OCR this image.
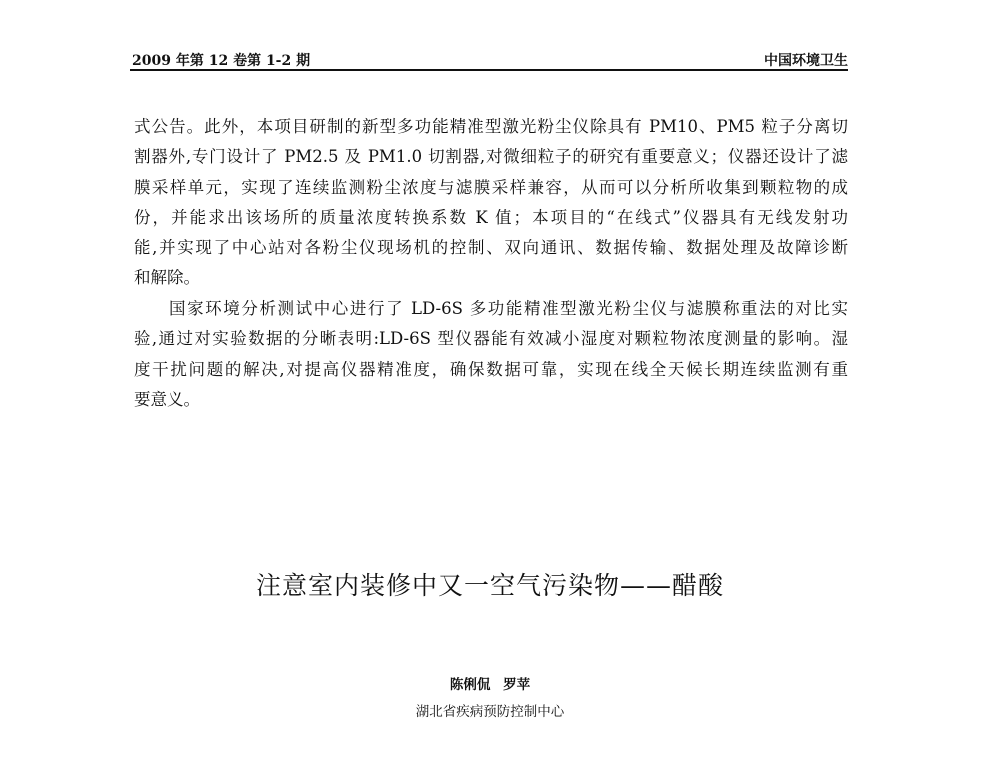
2009 年第 12 卷第 1-2 期	中国环境卫生
式公告。此外，本项目研制的新型多功能精准型激光粉尘仪除具有 PM10、PM5 粒子分离切
割器外,专门设计了 PM2.5 及 PM1.0 切割器,对微细粒子的研究有重要意义；仪器还设计了滤
膜采样单元，实现了连续监测粉尘浓度与滤膜采样兼容，从而可以分析所收集到颗粒物的成
份，并能求出该场所的质量浓度转换系数 K 值；本项目的“在线式”仪器具有无线发射功
能,并实现了中心站对各粉尘仪现场机的控制、双向通讯、数据传输、数据处理及故障诊断
和解除。
国家环境分析测试中心进行了 LD-6S 多功能精准型激光粉尘仪与滤膜称重法的对比实
验,通过对实验数据的分晰表明:LD-6S 型仪器能有效减小湿度对颗粒物浓度测量的影响。湿
度干扰问题的解决,对提高仪器精准度，确保数据可靠，实现在线全天候长期连续监测有重
要意义。
注意室内装修中又一空气污染物——醋酸
陈俐侃 罗苹
湖北省疾病预防控制中心
